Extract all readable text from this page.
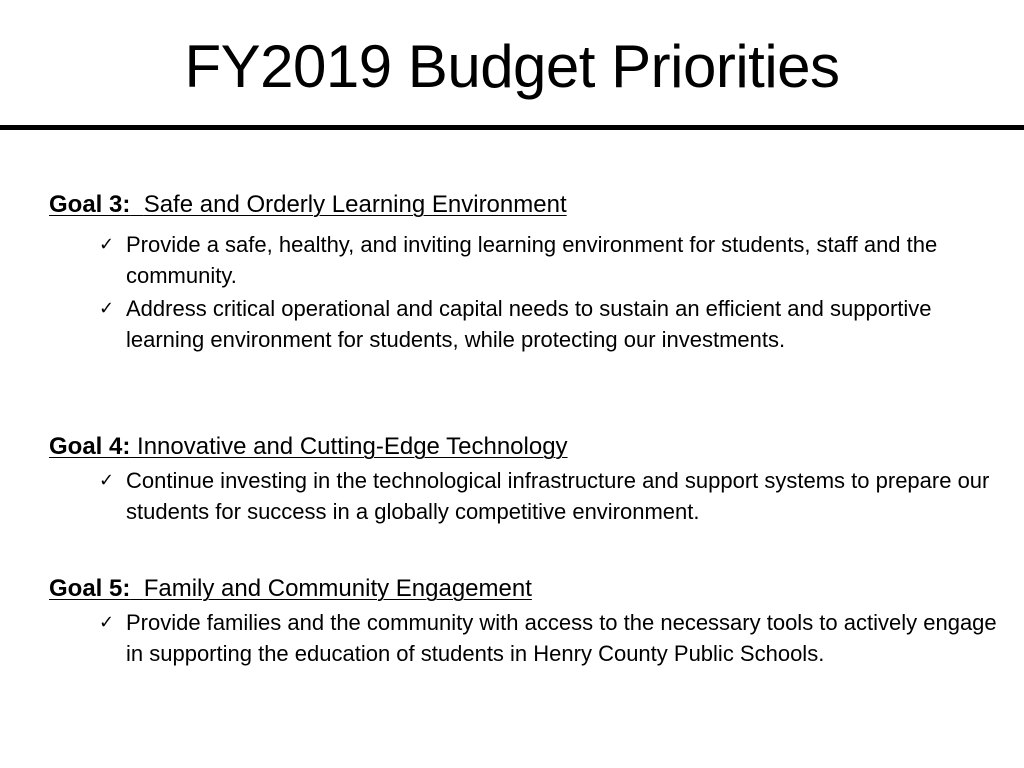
FY2019 Budget Priorities
Goal 3: Safe and Orderly Learning Environment
✓ Provide a safe, healthy, and inviting learning environment for students, staff and the community.
✓ Address critical operational and capital needs to sustain an efficient and supportive learning environment for students, while protecting our investments.
Goal 4: Innovative and Cutting-Edge Technology
✓ Continue investing in the technological infrastructure and support systems to prepare our students for success in a globally competitive environment.
Goal 5: Family and Community Engagement
✓ Provide families and the community with access to the necessary tools to actively engage in supporting the education of students in Henry County Public Schools.
